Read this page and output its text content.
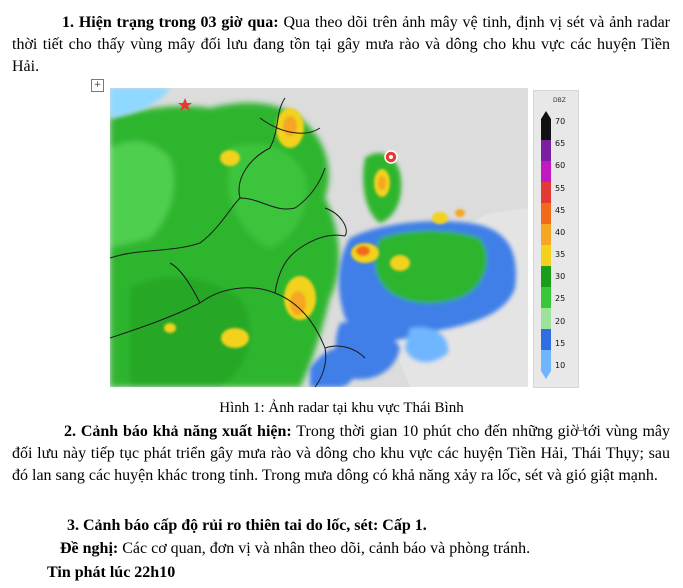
1. Hiện trạng trong 03 giờ qua: Qua theo dõi trên ảnh mây vệ tinh, định vị sét và ảnh radar thời tiết cho thấy vùng mây đối lưu đang tồn tại gây mưa rào và dông cho khu vực các huyện Tiền Hải.

+
DBZ
70
65
60
55
45
40
35
30
25
20
15
10
Hình 1: Ảnh radar tại khu vực Thái Bình

2. Cảnh báo khả năng xuất hiện: Trong thời gian 10 phút cho đến những giờ tới vùng mây đối lưu này tiếp tục phát triển gây mưa rào và dông cho khu vực các huyện Tiền Hải, Thái Thụy; sau đó lan sang các huyện khác trong tỉnh. Trong mưa dông có khả năng xảy ra lốc, sét và gió giật mạnh.

3. Cảnh báo cấp độ rủi ro thiên tai do lốc, sét: Cấp 1.

Đề nghị: Các cơ quan, đơn vị và nhân theo dõi, cảnh báo và phòng tránh.

Tin phát lúc 22h10
